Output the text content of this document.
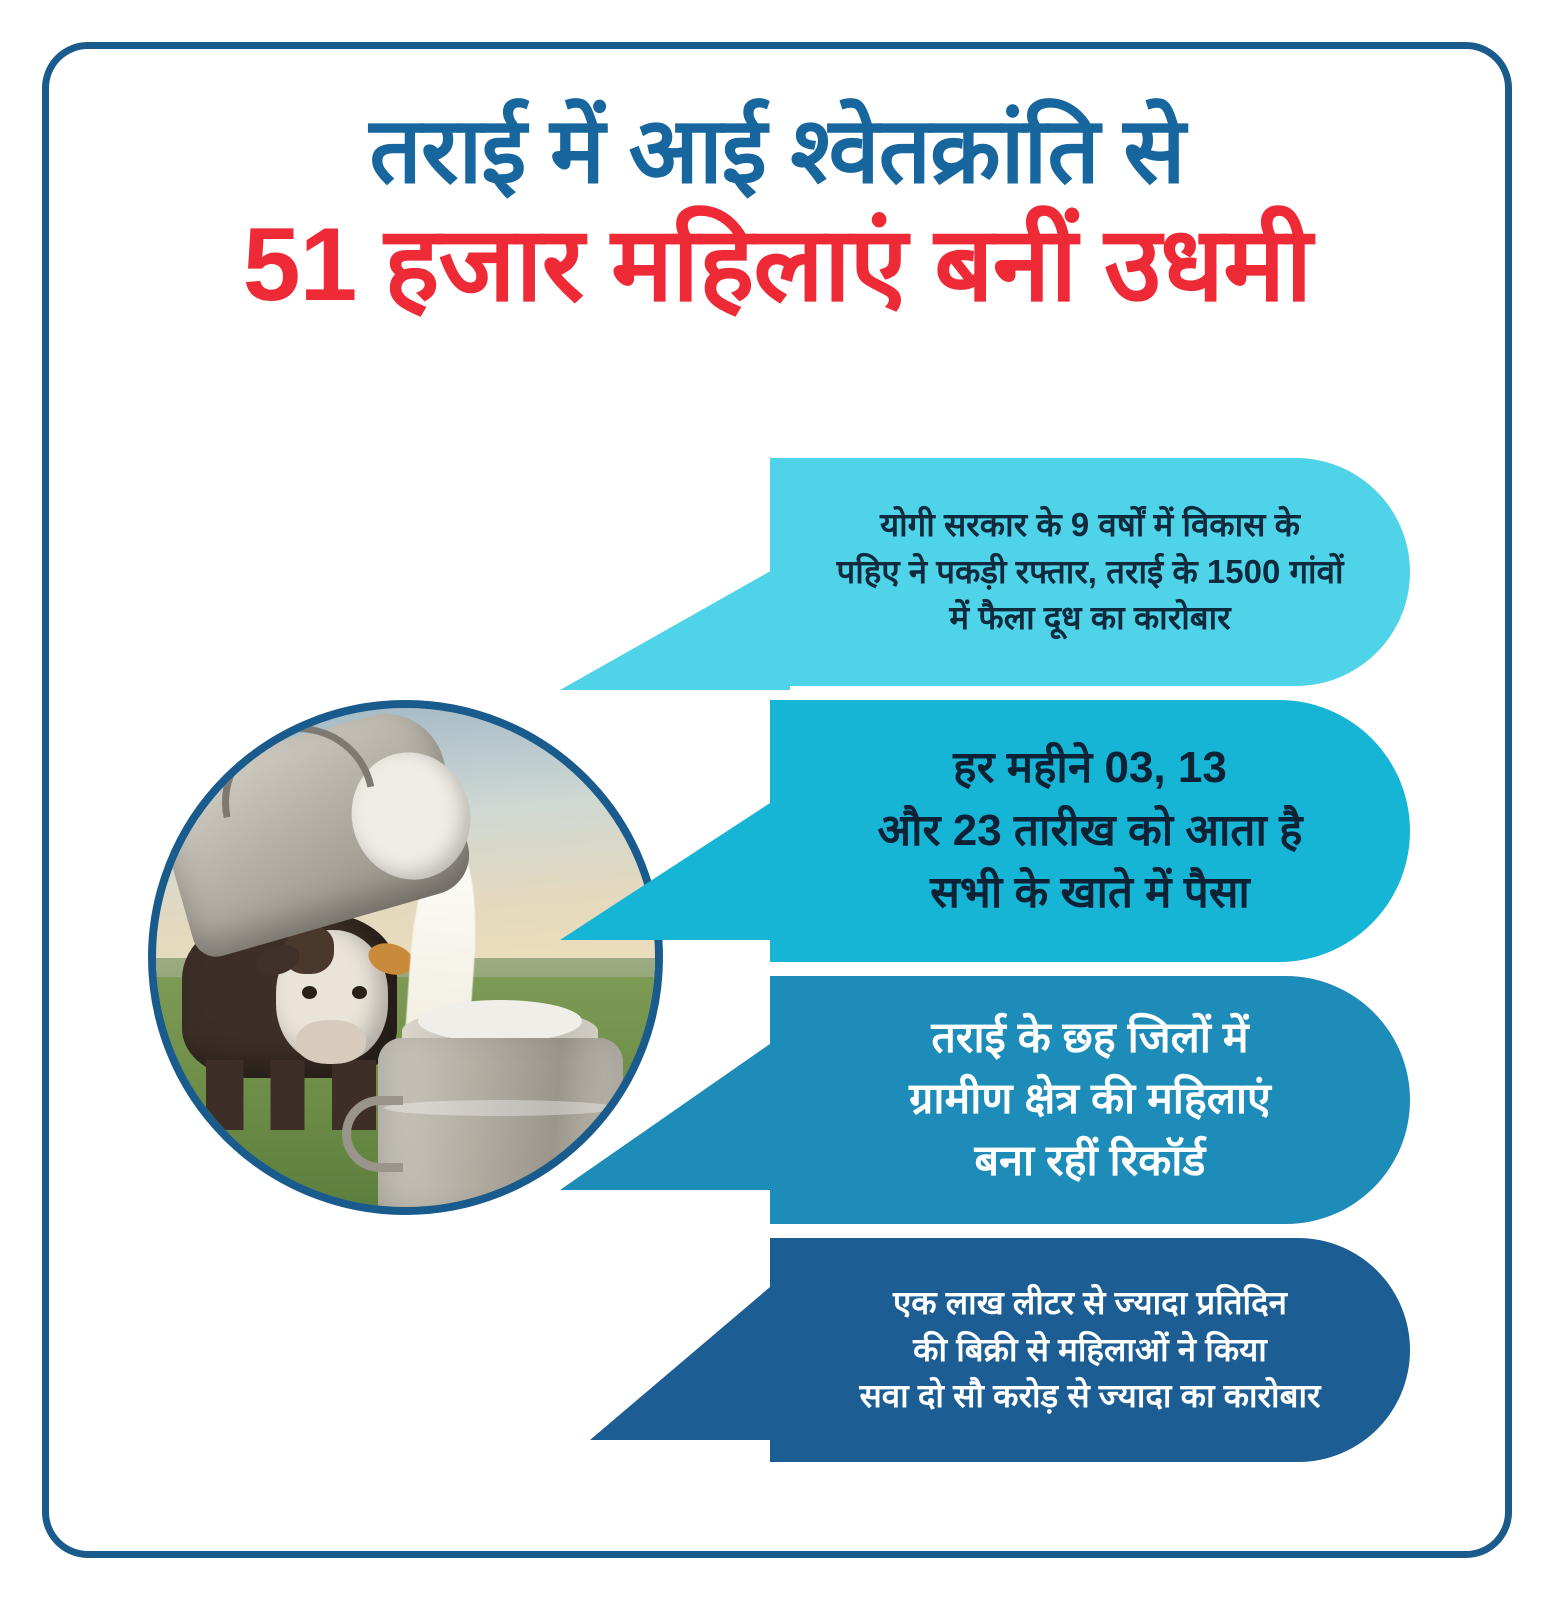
तराई में आई श्वेतक्रांति से
51 हजार महिलाएं बनीं उधमी
योगी सरकार के 9 वर्षों में विकास के
पहिए ने पकड़ी रफ्तार, तराई के 1500 गांवों
में फैला दूध का कारोबार
हर महीने 03, 13
और 23 तारीख को आता है
सभी के खाते में पैसा
तराई के छह जिलों में
ग्रामीण क्षेत्र की महिलाएं
बना रहीं रिकॉर्ड
एक लाख लीटर से ज्यादा प्रतिदिन
की बिक्री से महिलाओं ने किया
सवा दो सौ करोड़ से ज्यादा का कारोबार
